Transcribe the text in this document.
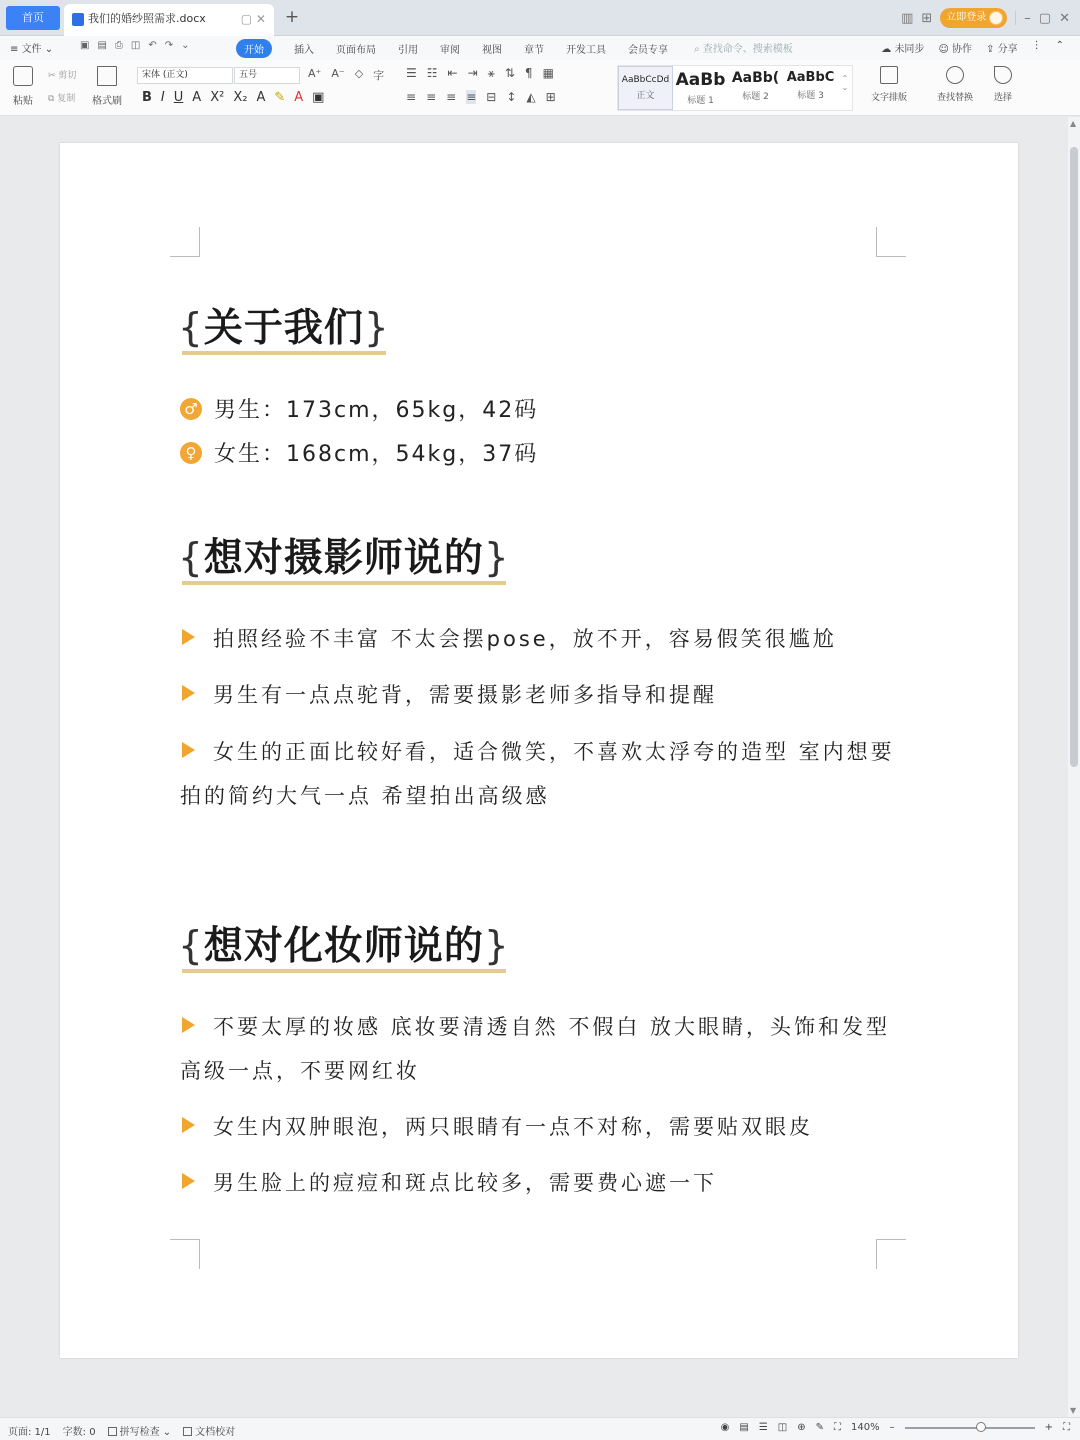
首页	我们的婚纱照需求.docx	▢ ✕ +	▥ ⊞ 立即登录	– ▢ ✕
≡ 文件 ⌄	▣ ▤ ⎙ ◫ ↶ ↷ ⌄	开始	插入 页面布局 引用 审阅 视图 章节 开发工具 会员专享	⌕ 查找命令、搜索模板	☁ 未同步 ☺ 协作 ⇪ 分享 ⋮ ⌃
粘贴
✂ 剪切
⧉ 复制 格式刷
宋体 (正文)	五号	A⁺ A⁻ ◇ 字
B I U A X² X₂ A ✎ A ▣
☰ ☷ ⇤ ⇥ ⚹ ⇅ ¶ ▦
≡ ≡ ≡ ≡ ⊟ ↕ ◭ ⊞
AaBbCcDd
正文
AaBb
标题 1
AaBb(
标题 2
AaBbC
标题 3
⌃
⌄
文字排版	查找替换	选择
{关于我们}
♂ 男生：173cm，65kg，42码
♀ 女生：168cm，54kg，37码
{想对摄影师说的}
拍照经验不丰富 不太会摆pose，放不开，容易假笑很尴尬
男生有一点点驼背，需要摄影老师多指导和提醒
女生的正面比较好看，适合微笑，不喜欢太浮夸的造型 室内想要拍的简约大气一点 希望拍出高级感
{想对化妆师说的}
不要太厚的妆感 底妆要清透自然 不假白 放大眼睛，头饰和发型高级一点，不要网红妆
女生内双肿眼泡，两只眼睛有一点不对称，需要贴双眼皮
男生脸上的痘痘和斑点比较多，需要费心遮一下
▲
▼
页面: 1/1 字数: 0	拼写检查 ⌄	文档校对	◉ ▤ ☰ ◫ ⊕ ✎ ⛶ 140% –	+ ⛶
